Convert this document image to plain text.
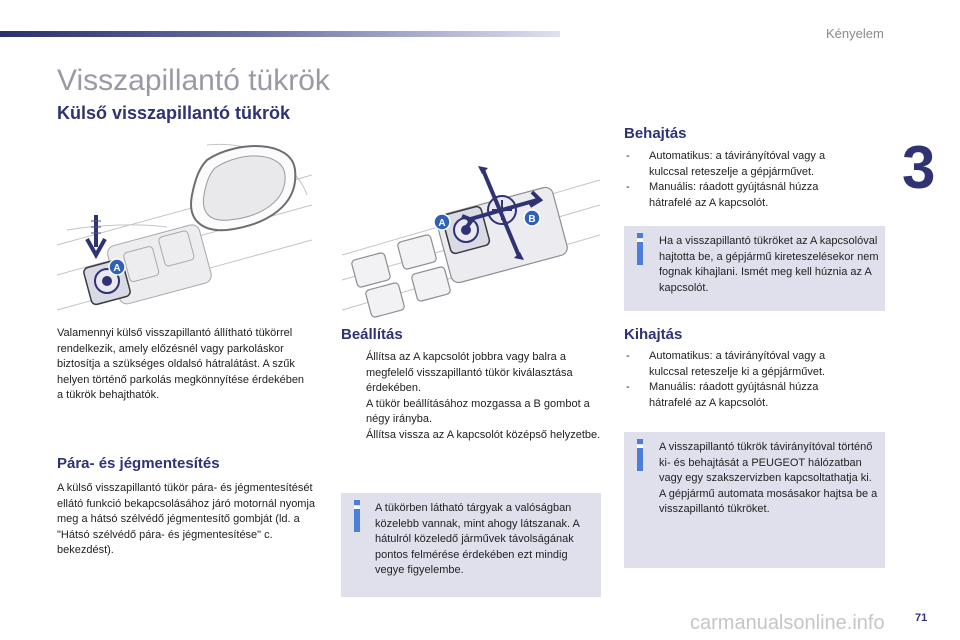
Kényelem
3
Visszapillantó tükrök
Külső visszapillantó tükrök
A
A	B
Valamennyi külső visszapillantó állítható tükörrel rendelkezik, amely előzésnél vagy parkoláskor biztosítja a szükséges oldalsó hátralátást. A szűk helyen történő parkolás megkönnyítése érdekében a tükrök behajthatók.
Pára- és jégmentesítés
A külső visszapillantó tükör pára- és jégmentesítését ellátó funkció bekapcsolásához járó motornál nyomja meg a hátsó szélvédő jégmentesítő gombját (ld. a "Hátsó szélvédő pára- és jégmentesítése" c. bekezdést).
Beállítás
Állítsa az A kapcsolót jobbra vagy balra a megfelelő visszapillantó tükör kiválasztása érdekében.
A tükör beállításához mozgassa a B gombot a négy irányba.
Állítsa vissza az A kapcsolót középső helyzetbe.
A tükörben látható tárgyak a valóságban közelebb vannak, mint ahogy látszanak. A hátulról közeledő járművek távolságának pontos felmérése érdekében ezt mindig vegye figyelembe.
Behajtás
- Automatikus: a távirányítóval vagy a kulccsal reteszelje a gépjárművet.
- Manuális: ráadott gyújtásnál húzza hátrafelé az A kapcsolót.
Ha a visszapillantó tükröket az A kapcsolóval hajtotta be, a gépjármű kireteszelésekor nem fognak kihajlani. Ismét meg kell húznia az A kapcsolót.
Kihajtás
- Automatikus: a távirányítóval vagy a kulccsal reteszelje ki a gépjárművet.
- Manuális: ráadott gyújtásnál húzza hátrafelé az A kapcsolót.
A visszapillantó tükrök távirányítóval történő ki- és behajtását a PEUGEOT hálózatban vagy egy szakszervizben kapcsoltathatja ki. A gépjármű automata mosásakor hajtsa be a visszapillantó tükröket.
carmanualsonline.info	71
